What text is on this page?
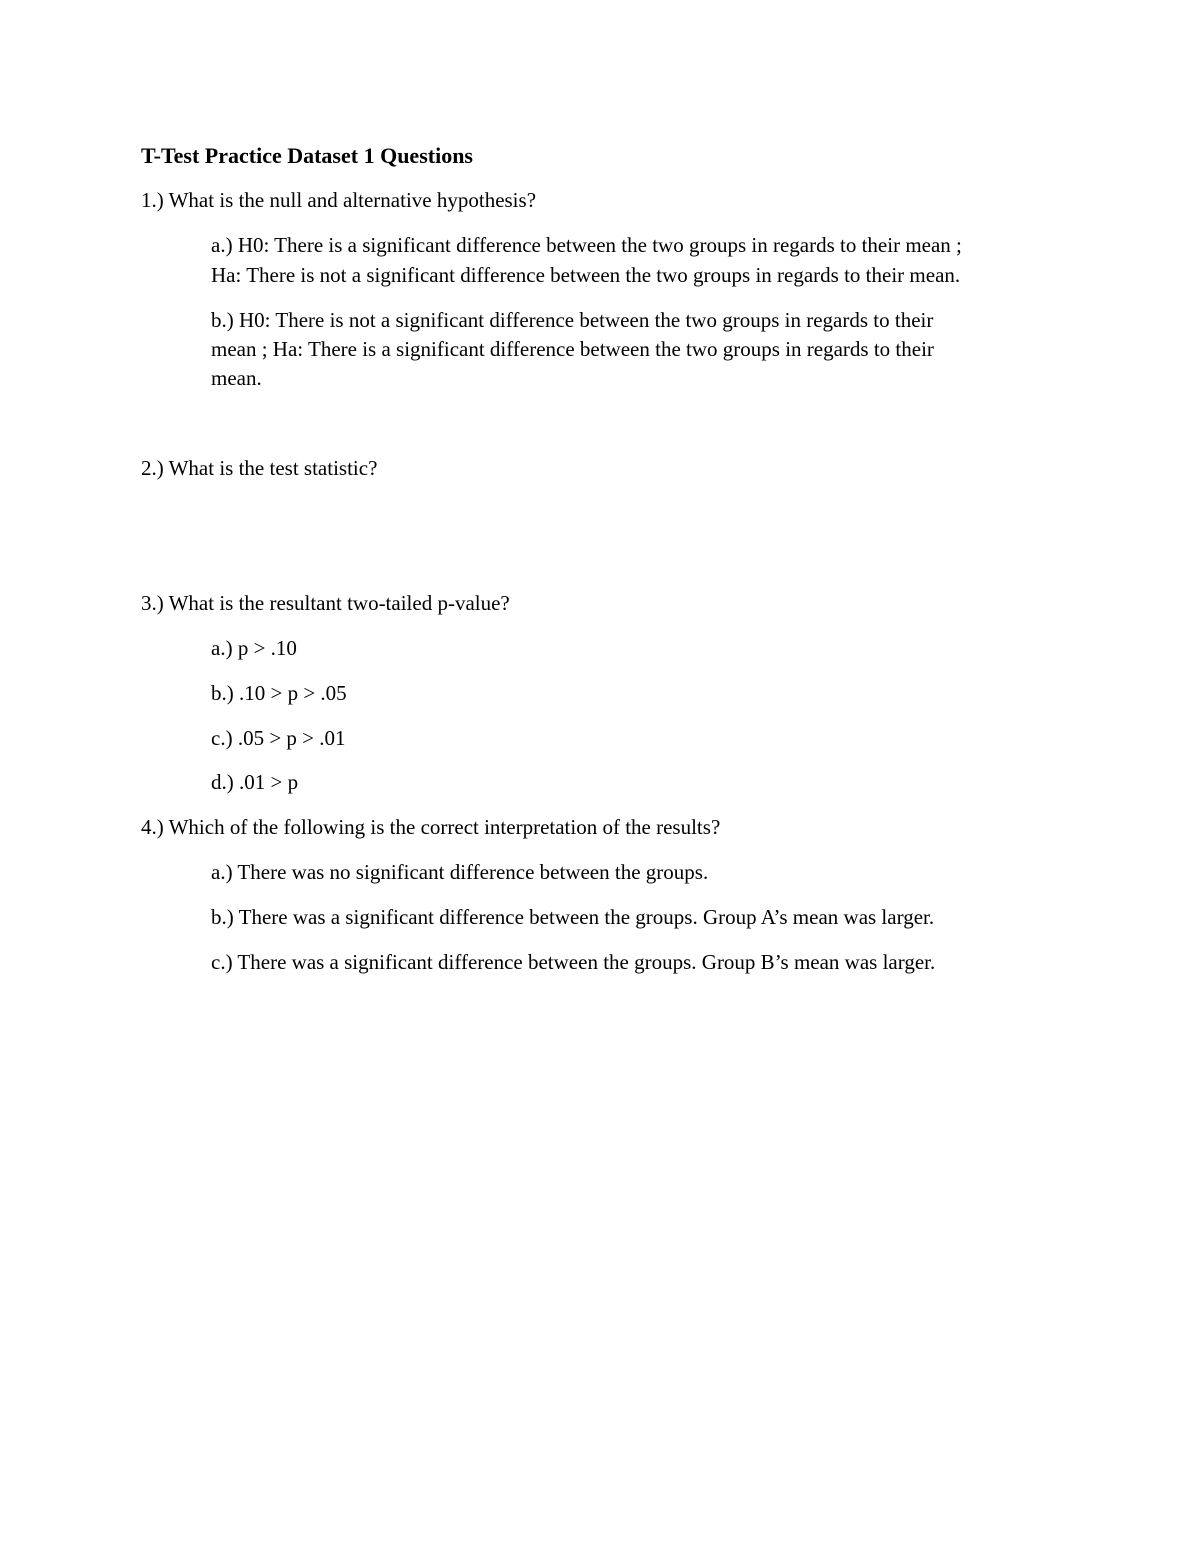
T-Test Practice Dataset 1 Questions
1.) What is the null and alternative hypothesis?
a.) H0: There is a significant difference between the two groups in regards to their mean ;
Ha: There is not a significant difference between the two groups in regards to their mean.
b.) H0: There is not a significant difference between the two groups in regards to their
mean ; Ha: There is a significant difference between the two groups in regards to their
mean.
2.) What is the test statistic?
3.) What is the resultant two-tailed p-value?
a.) p > .10
b.) .10 > p > .05
c.) .05 > p > .01
d.) .01 > p
4.) Which of the following is the correct interpretation of the results?
a.) There was no significant difference between the groups.
b.) There was a significant difference between the groups. Group A’s mean was larger.
c.) There was a significant difference between the groups. Group B’s mean was larger.
